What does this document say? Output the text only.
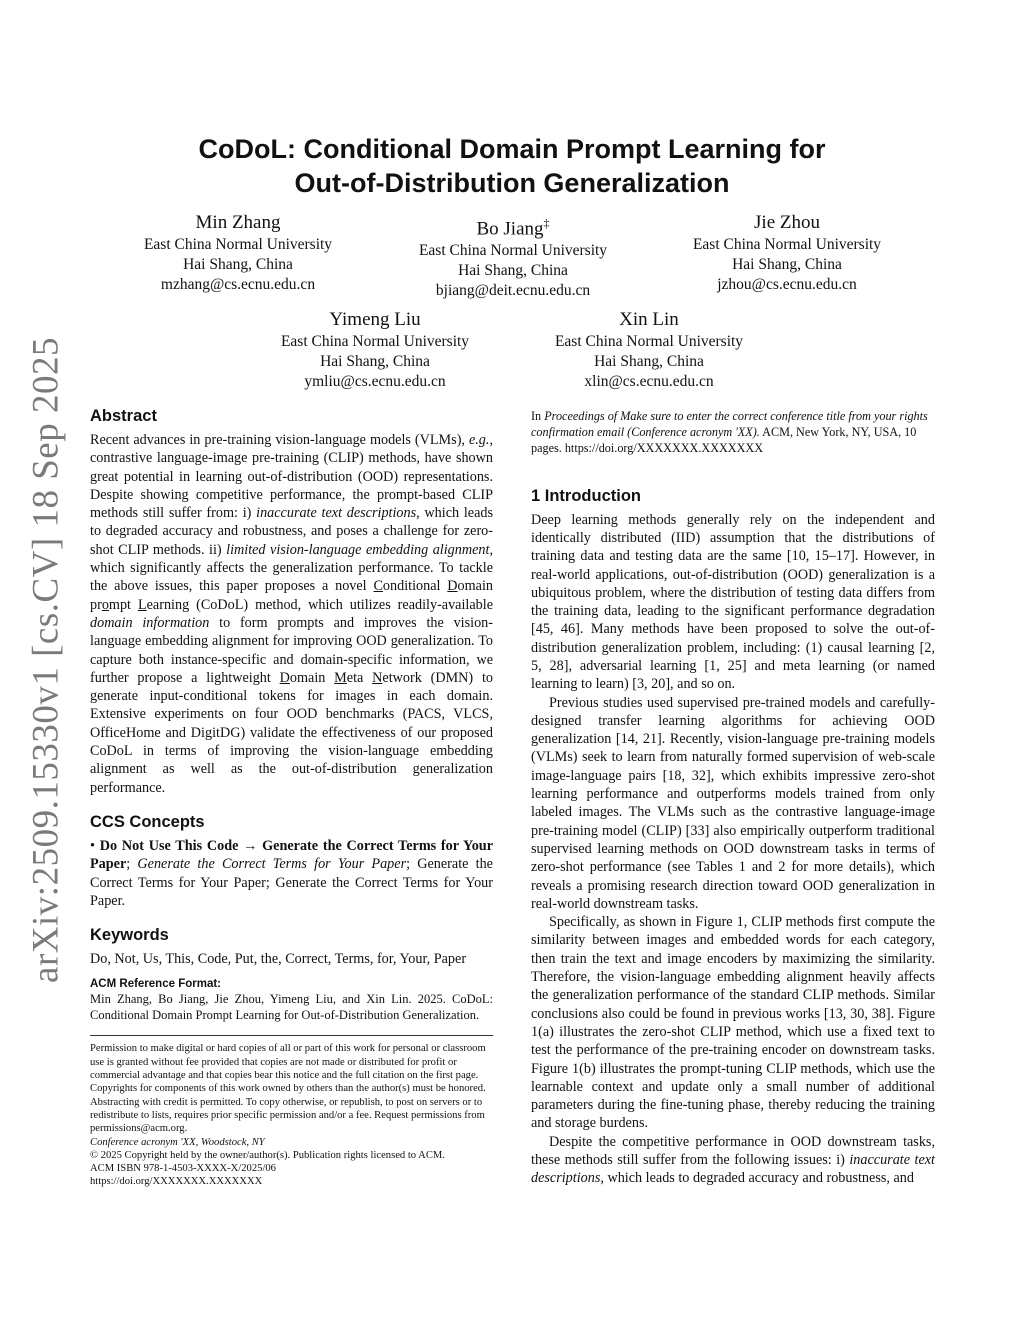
arXiv:2509.15330v1 [cs.CV] 18 Sep 2025
CoDoL: Conditional Domain Prompt Learning for
Out-of-Distribution Generalization
Min Zhang
East China Normal University
Hai Shang, China
mzhang@cs.ecnu.edu.cn
Bo Jiang‡
East China Normal University
Hai Shang, China
bjiang@deit.ecnu.edu.cn
Jie Zhou
East China Normal University
Hai Shang, China
jzhou@cs.ecnu.edu.cn
Yimeng Liu
East China Normal University
Hai Shang, China
ymliu@cs.ecnu.edu.cn
Xin Lin
East China Normal University
Hai Shang, China
xlin@cs.ecnu.edu.cn
Abstract

Recent advances in pre-training vision-language models (VLMs), e.g., contrastive language-image pre-training (CLIP) methods, have shown great potential in learning out-of-distribution (OOD) representations. Despite showing competitive performance, the prompt-based CLIP methods still suffer from: i) inaccurate text descriptions, which leads to degraded accuracy and robustness, and poses a challenge for zero-shot CLIP methods. ii) limited vision-language embedding alignment, which significantly affects the generalization performance. To tackle the above issues, this paper proposes a novel Conditional Domain prompt Learning (CoDoL) method, which utilizes readily-available domain information to form prompts and improves the vision-language embedding alignment for improving OOD generalization. To capture both instance-specific and domain-specific information, we further propose a lightweight Domain Meta Network (DMN) to generate input-conditional tokens for images in each domain. Extensive experiments on four OOD benchmarks (PACS, VLCS, OfficeHome and DigitDG) validate the effectiveness of our proposed CoDoL in terms of improving the vision-language embedding alignment as well as the out-of-distribution generalization performance.

CCS Concepts

• Do Not Use This Code → Generate the Correct Terms for Your Paper; Generate the Correct Terms for Your Paper; Generate the Correct Terms for Your Paper; Generate the Correct Terms for Your Paper.

Keywords

Do, Not, Us, This, Code, Put, the, Correct, Terms, for, Your, Paper

ACM Reference Format:

Min Zhang, Bo Jiang, Jie Zhou, Yimeng Liu, and Xin Lin. 2025. CoDoL: Conditional Domain Prompt Learning for Out-of-Distribution Generalization.

Permission to make digital or hard copies of all or part of this work for personal or classroom use is granted without fee provided that copies are not made or distributed for profit or commercial advantage and that copies bear this notice and the full citation on the first page. Copyrights for components of this work owned by others than the author(s) must be honored. Abstracting with credit is permitted. To copy otherwise, or republish, to post on servers or to redistribute to lists, requires prior specific permission and/or a fee. Request permissions from permissions@acm.org.

Conference acronym 'XX, Woodstock, NY

© 2025 Copyright held by the owner/author(s). Publication rights licensed to ACM.

ACM ISBN 978-1-4503-XXXX-X/2025/06

https://doi.org/XXXXXXX.XXXXXXX

In Proceedings of Make sure to enter the correct conference title from your rights confirmation email (Conference acronym 'XX). ACM, New York, NY, USA, 10 pages. https://doi.org/XXXXXXX.XXXXXXX

1 Introduction

Deep learning methods generally rely on the independent and identically distributed (IID) assumption that the distributions of training data and testing data are the same [10, 15–17]. However, in real-world applications, out-of-distribution (OOD) generalization is a ubiquitous problem, where the distribution of testing data differs from the training data, leading to the significant performance degradation [45, 46]. Many methods have been proposed to solve the out-of-distribution generalization problem, including: (1) causal learning [2, 5, 28], adversarial learning [1, 25] and meta learning (or named learning to learn) [3, 20], and so on.

Previous studies used supervised pre-trained models and carefully-designed transfer learning algorithms for achieving OOD generalization [14, 21]. Recently, vision-language pre-training models (VLMs) seek to learn from naturally formed supervision of web-scale image-language pairs [18, 32], which exhibits impressive zero-shot learning performance and outperforms models trained from only labeled images. The VLMs such as the contrastive language-image pre-training model (CLIP) [33] also empirically outperform traditional supervised learning methods on OOD downstream tasks in terms of zero-shot performance (see Tables 1 and 2 for more details), which reveals a promising research direction toward OOD generalization in real-world downstream tasks.

Specifically, as shown in Figure 1, CLIP methods first compute the similarity between images and embedded words for each category, then train the text and image encoders by maximizing the similarity. Therefore, the vision-language embedding alignment heavily affects the generalization performance of the standard CLIP methods. Similar conclusions also could be found in previous works [13, 30, 38]. Figure 1(a) illustrates the zero-shot CLIP method, which use a fixed text to test the performance of the pre-training encoder on downstream tasks. Figure 1(b) illustrates the prompt-tuning CLIP methods, which use the learnable context and update only a small number of additional parameters during the fine-tuning phase, thereby reducing the training and storage burdens.

Despite the competitive performance in OOD downstream tasks, these methods still suffer from the following issues: i) inaccurate text descriptions, which leads to degraded accuracy and robustness, and
